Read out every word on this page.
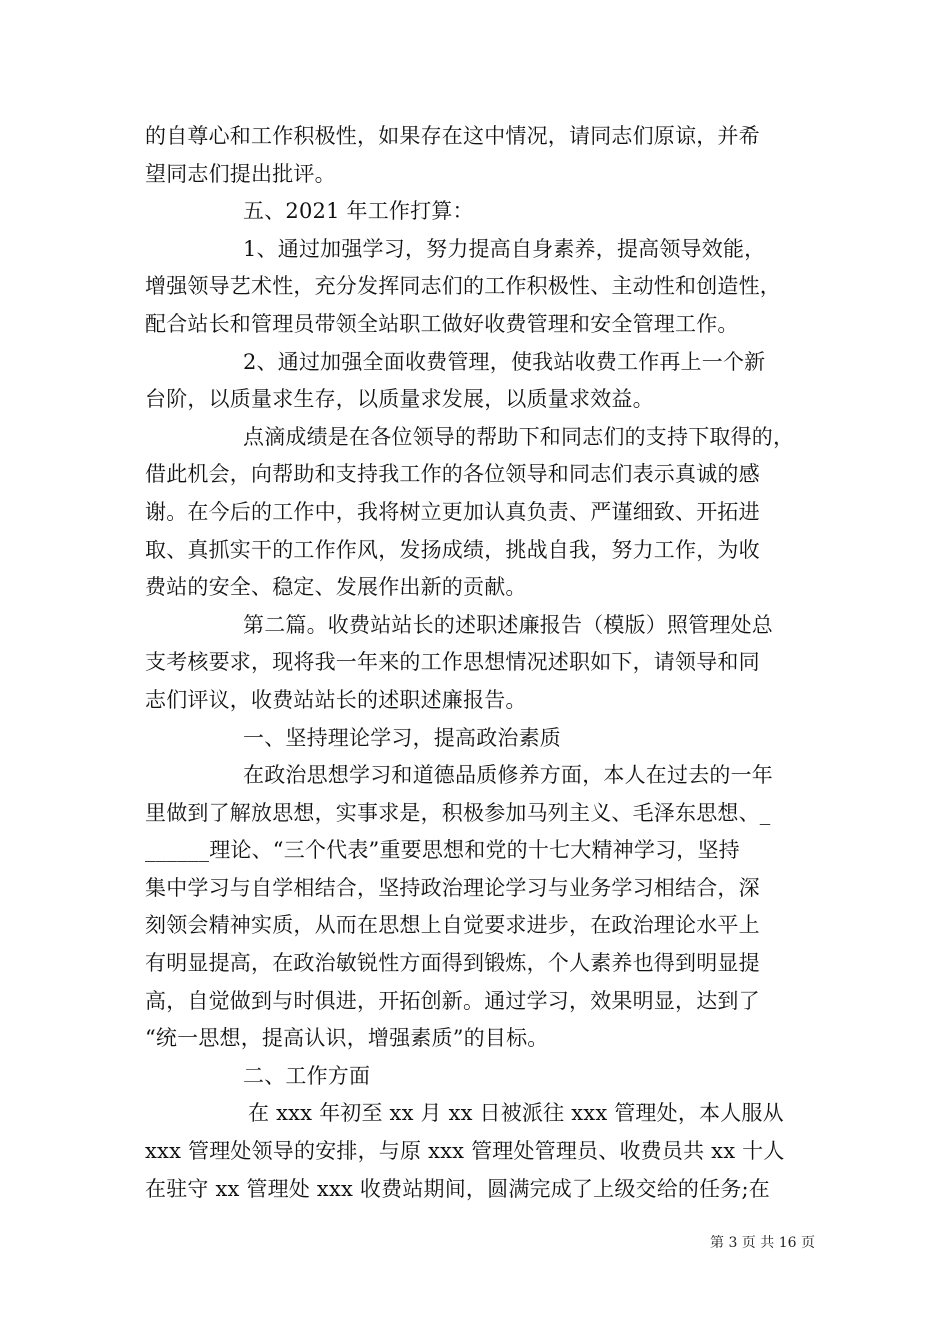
的自尊心和工作积极性，如果存在这中情况，请同志们原谅，并希
望同志们提出批评。
五、2021 年工作打算：
1、通过加强学习，努力提高自身素养，提高领导效能，
增强领导艺术性，充分发挥同志们的工作积极性、主动性和创造性，
配合站长和管理员带领全站职工做好收费管理和安全管理工作。
2、通过加强全面收费管理，使我站收费工作再上一个新
台阶，以质量求生存，以质量求发展，以质量求效益。
点滴成绩是在各位领导的帮助下和同志们的支持下取得的，
借此机会，向帮助和支持我工作的各位领导和同志们表示真诚的感
谢。在今后的工作中，我将树立更加认真负责、严谨细致、开拓进
取、真抓实干的工作作风，发扬成绩，挑战自我，努力工作，为收
费站的安全、稳定、发展作出新的贡献。
第二篇。收费站站长的述职述廉报告（模版）照管理处总
支考核要求，现将我一年来的工作思想情况述职如下，请领导和同
志们评议，收费站站长的述职述廉报告。
一、坚持理论学习，提高政治素质
在政治思想学习和道德品质修养方面，本人在过去的一年
里做到了解放思想，实事求是，积极参加马列主义、毛泽东思想、_
______理论、“三个代表”重要思想和党的十七大精神学习，坚持
集中学习与自学相结合，坚持政治理论学习与业务学习相结合，深
刻领会精神实质，从而在思想上自觉要求进步，在政治理论水平上
有明显提高，在政治敏锐性方面得到锻炼，个人素养也得到明显提
高，自觉做到与时俱进，开拓创新。通过学习，效果明显，达到了
“统一思想，提高认识，增强素质”的目标。
二、工作方面
在 xxx 年初至 xx 月 xx 日被派往 xxx 管理处，本人服从
xxx 管理处领导的安排，与原 xxx 管理处管理员、收费员共 xx 十人
在驻守 xx 管理处 xxx 收费站期间，圆满完成了上级交给的任务;在
第 3 页 共 16 页
